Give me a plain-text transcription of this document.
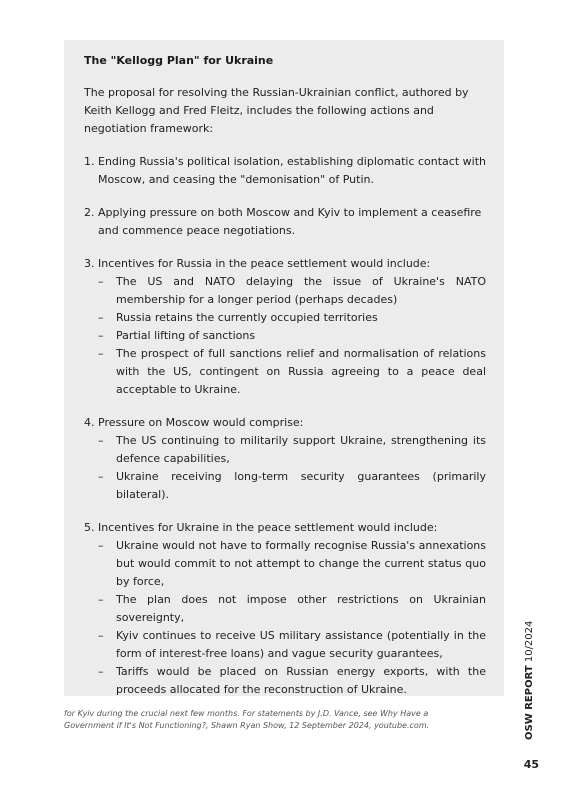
The "Kellogg Plan" for Ukraine
The proposal for resolving the Russian-Ukrainian conflict, authored by Keith Kellogg and Fred Fleitz, includes the following actions and negotiation framework:
1. Ending Russia's political isolation, establishing diplomatic contact with Moscow, and ceasing the "demonisation" of Putin.
2. Applying pressure on both Moscow and Kyiv to implement a ceasefire and commence peace negotiations.
3. Incentives for Russia in the peace settlement would include:
–	The US and NATO delaying the issue of Ukraine's NATO membership for a longer period (perhaps decades)
–	Russia retains the currently occupied territories
–	Partial lifting of sanctions
–	The prospect of full sanctions relief and normalisation of relations with the US, contingent on Russia agreeing to a peace deal acceptable to Ukraine.
4. Pressure on Moscow would comprise:
–	The US continuing to militarily support Ukraine, strengthening its defence capabilities,
–	Ukraine receiving long-term security guarantees (primarily bilateral).
5. Incentives for Ukraine in the peace settlement would include:
–	Ukraine would not have to formally recognise Russia's annexations but would commit to not attempt to change the current status quo by force,
–	The plan does not impose other restrictions on Ukrainian sovereignty,
–	Kyiv continues to receive US military assistance (potentially in the form of interest-free loans) and vague security guarantees,
–	Tariffs would be placed on Russian energy exports, with the proceeds allocated for the reconstruction of Ukraine.
for Kyiv during the crucial next few months. For statements by J.D. Vance, see Why Have a Government if It's Not Functioning?, Shawn Ryan Show, 12 September 2024, youtube.com.	OSW REPORT 10/2024
45
